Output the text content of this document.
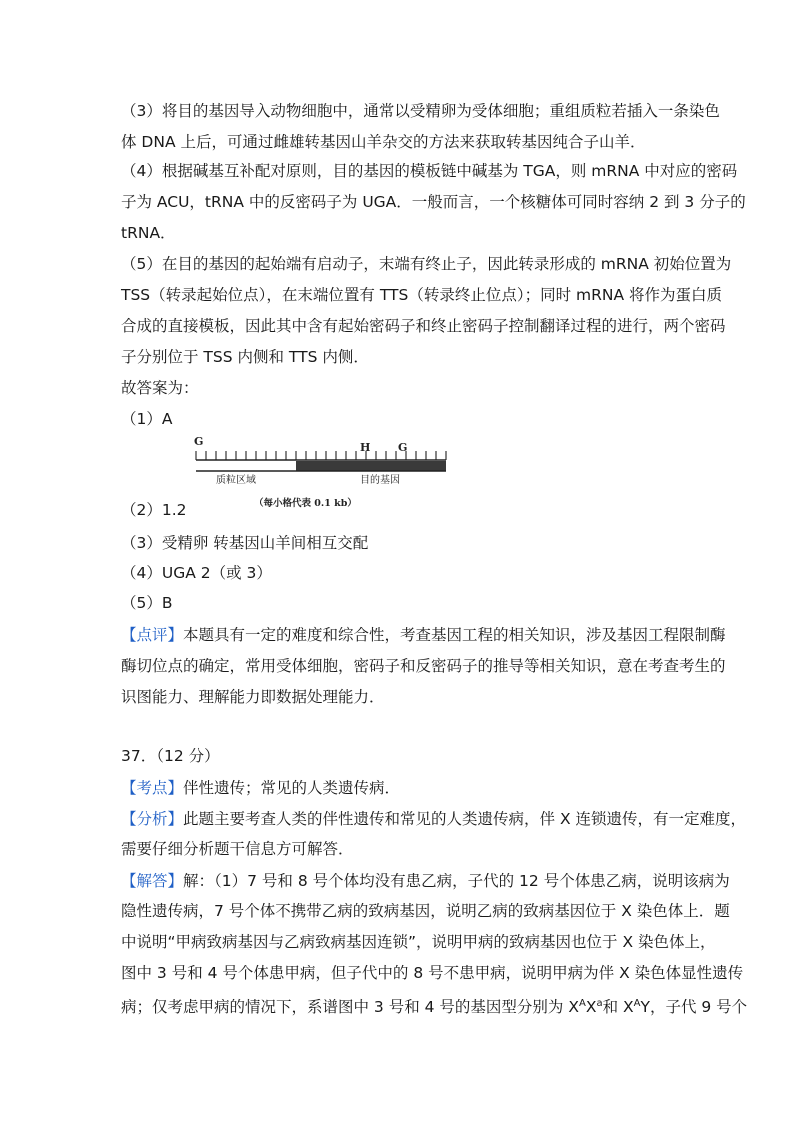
（3）将目的基因导入动物细胞中，通常以受精卵为受体细胞；重组质粒若插入一条染色
体 DNA 上后，可通过雌雄转基因山羊杂交的方法来获取转基因纯合子山羊．
（4）根据碱基互补配对原则，目的基因的模板链中碱基为 TGA，则 mRNA 中对应的密码
子为 ACU，tRNA 中的反密码子为 UGA．一般而言，一个核糖体可同时容纳 2 到 3 分子的
tRNA．
（5）在目的基因的起始端有启动子，末端有终止子，因此转录形成的 mRNA 初始位置为
TSS（转录起始位点），在末端位置有 TTS（转录终止位点）；同时 mRNA 将作为蛋白质
合成的直接模板，因此其中含有起始密码子和终止密码子控制翻译过程的进行，两个密码
子分别位于 TSS 内侧和 TTS 内侧．
故答案为：
（1）A
G	H	G
质粒区域	目的基因
（每小格代表 0.1 kb）
（2）1.2
（3）受精卵 转基因山羊间相互交配
（4）UGA 2（或 3）
（5）B
【点评】本题具有一定的难度和综合性，考查基因工程的相关知识，涉及基因工程限制酶
酶切位点的确定，常用受体细胞，密码子和反密码子的推导等相关知识，意在考查考生的
识图能力、理解能力即数据处理能力．
37．（12 分）
【考点】伴性遗传；常见的人类遗传病．
【分析】此题主要考查人类的伴性遗传和常见的人类遗传病，伴 X 连锁遗传，有一定难度，
需要仔细分析题干信息方可解答．
【解答】解：（1）7 号和 8 号个体均没有患乙病，子代的 12 号个体患乙病，说明该病为
隐性遗传病，7 号个体不携带乙病的致病基因，说明乙病的致病基因位于 X 染色体上．题
中说明“甲病致病基因与乙病致病基因连锁”，说明甲病的致病基因也位于 X 染色体上，
图中 3 号和 4 号个体患甲病，但子代中的 8 号不患甲病，说明甲病为伴 X 染色体显性遗传
病；仅考虑甲病的情况下，系谱图中 3 号和 4 号的基因型分别为 $X^AX^a$和 $X^AY$，子代 9 号个
